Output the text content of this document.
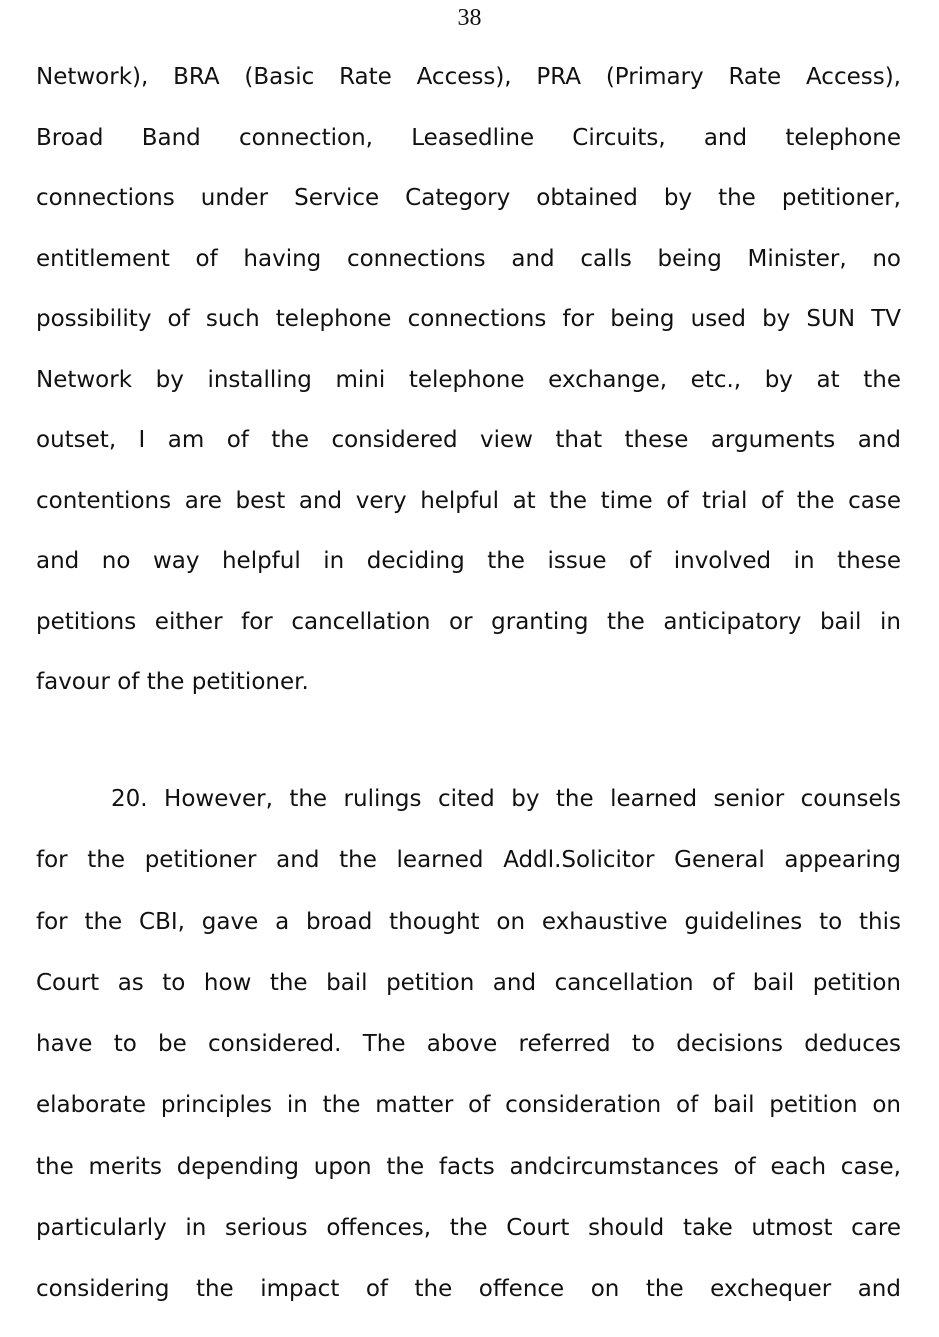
38

Network), BRA (Basic Rate Access), PRA (Primary Rate Access),
Broad Band connection, Leasedline Circuits, and telephone
connections under Service Category obtained by the petitioner,
entitlement of having connections and calls being Minister, no
possibility of such telephone connections for being used by SUN TV
Network by installing mini telephone exchange, etc., by at the
outset, I am of the considered view that these arguments and
contentions are best and very helpful at the time of trial of the case
and no way helpful in deciding the issue of involved in these
petitions either for cancellation or granting the anticipatory bail in
favour of the petitioner.

20. However, the rulings cited by the learned senior counsels
for the petitioner and the learned Addl.Solicitor General appearing
for the CBI, gave a broad thought on exhaustive guidelines to this
Court as to how the bail petition and cancellation of bail petition
have to be considered. The above referred to decisions deduces
elaborate principles in the matter of consideration of bail petition on
the merits depending upon the facts andcircumstances of each case,
particularly in serious offences, the Court should take utmost care
considering the impact of the offence on the exchequer and
